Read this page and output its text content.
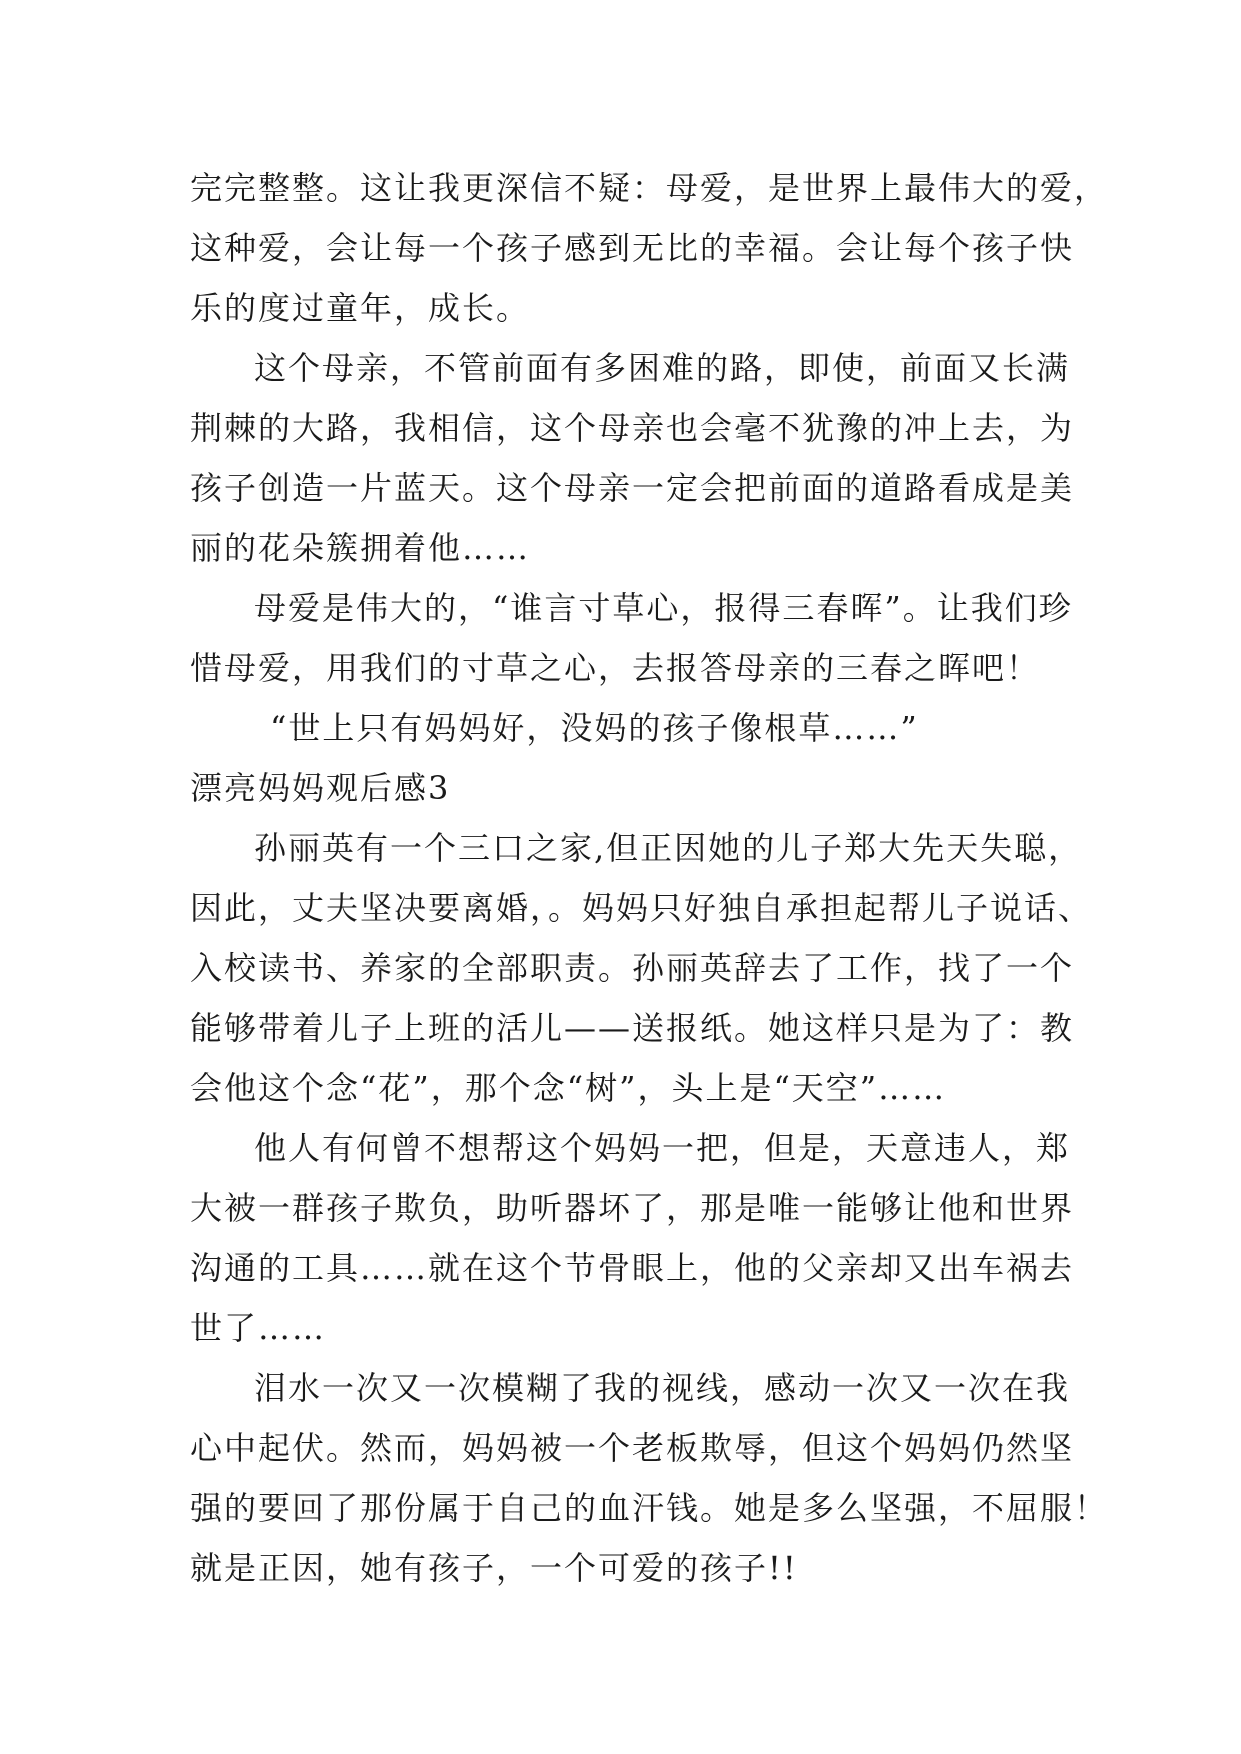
完完整整。这让我更深信不疑：母爱，是世界上最伟大的爱，
这种爱，会让每一个孩子感到无比的幸福。会让每个孩子快
乐的度过童年，成长。
这个母亲，不管前面有多困难的路，即使，前面又长满
荆棘的大路，我相信，这个母亲也会毫不犹豫的冲上去，为
孩子创造一片蓝天。这个母亲一定会把前面的道路看成是美
丽的花朵簇拥着他……
母爱是伟大的，“谁言寸草心，报得三春晖”。让我们珍
惜母爱，用我们的寸草之心，去报答母亲的三春之晖吧！
“世上只有妈妈好，没妈的孩子像根草……”
漂亮妈妈观后感3
孙丽英有一个三口之家,但正因她的儿子郑大先天失聪，
因此，丈夫坚决要离婚，。妈妈只好独自承担起帮儿子说话、
入校读书、养家的全部职责。孙丽英辞去了工作，找了一个
能够带着儿子上班的活儿——送报纸。她这样只是为了：教
会他这个念“花”，那个念“树”，头上是“天空”……
他人有何曾不想帮这个妈妈一把，但是，天意违人，郑
大被一群孩子欺负，助听器坏了，那是唯一能够让他和世界
沟通的工具……就在这个节骨眼上，他的父亲却又出车祸去
世了……
泪水一次又一次模糊了我的视线，感动一次又一次在我
心中起伏。然而，妈妈被一个老板欺辱，但这个妈妈仍然坚
强的要回了那份属于自己的血汗钱。她是多么坚强，不屈服！
就是正因，她有孩子，一个可爱的孩子!!
